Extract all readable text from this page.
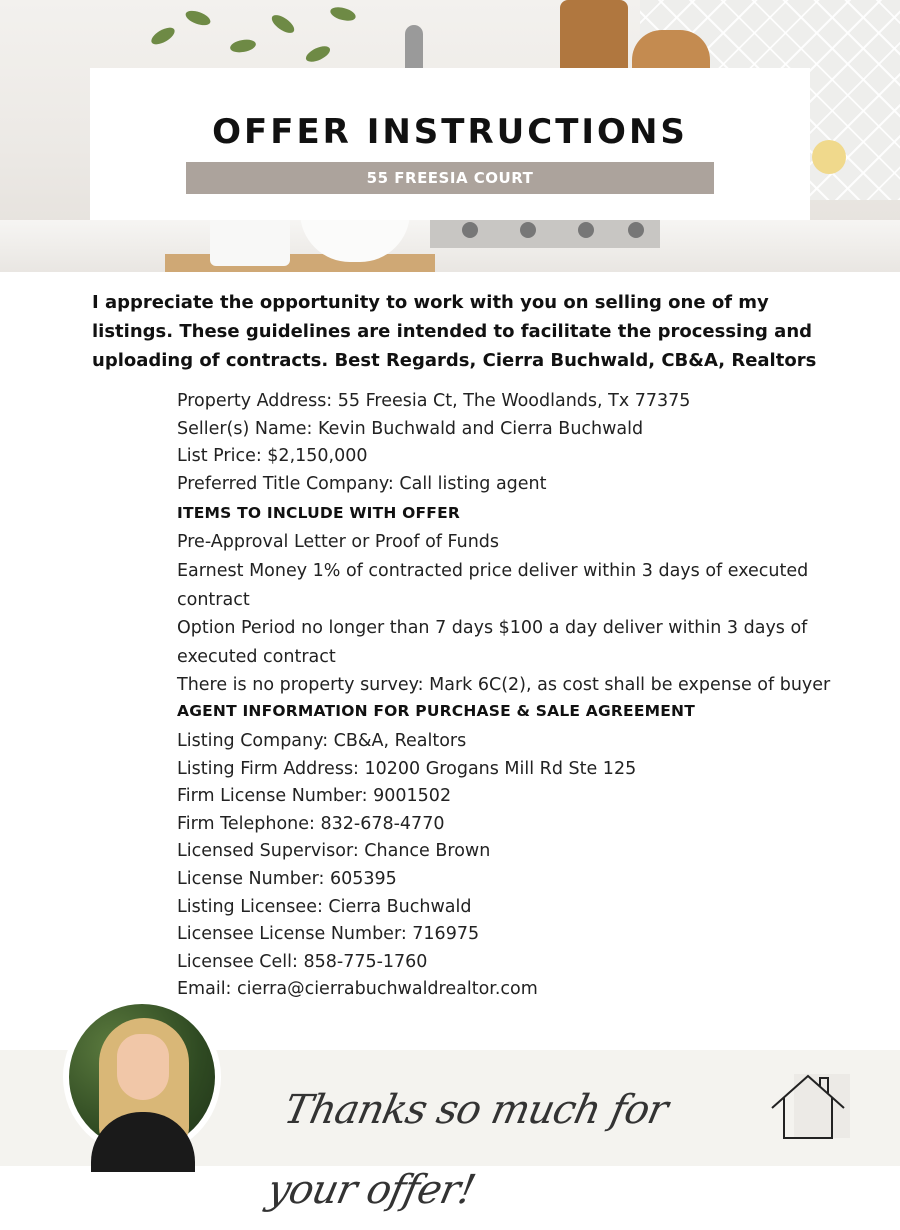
OFFER INSTRUCTIONS
55 FREESIA COURT
I appreciate the opportunity to work with you on selling one of my listings. These guidelines are intended to facilitate the processing and uploading of contracts. Best Regards, Cierra Buchwald, CB&A, Realtors
Property Address: 55 Freesia Ct, The Woodlands, Tx 77375
Seller(s) Name: Kevin Buchwald and Cierra Buchwald
List Price: $2,150,000
Preferred Title Company: Call listing agent
ITEMS TO INCLUDE WITH OFFER
Pre-Approval Letter or Proof of Funds
Earnest Money 1% of contracted price deliver within 3 days of executed contract
Option Period no longer than 7 days $100 a day deliver within 3 days of executed contract
There is no property survey: Mark 6C(2), as cost shall be expense of buyer
AGENT INFORMATION FOR PURCHASE & SALE AGREEMENT
Listing Company: CB&A, Realtors
Listing Firm Address: 10200 Grogans Mill Rd Ste 125
Firm License Number: 9001502
Firm Telephone: 832-678-4770
Licensed Supervisor: Chance Brown
License Number: 605395
Listing Licensee: Cierra Buchwald
Licensee License Number: 716975
Licensee Cell: 858-775-1760
Email: cierra@cierrabuchwaldrealtor.com
Thanks so much for your offer!
